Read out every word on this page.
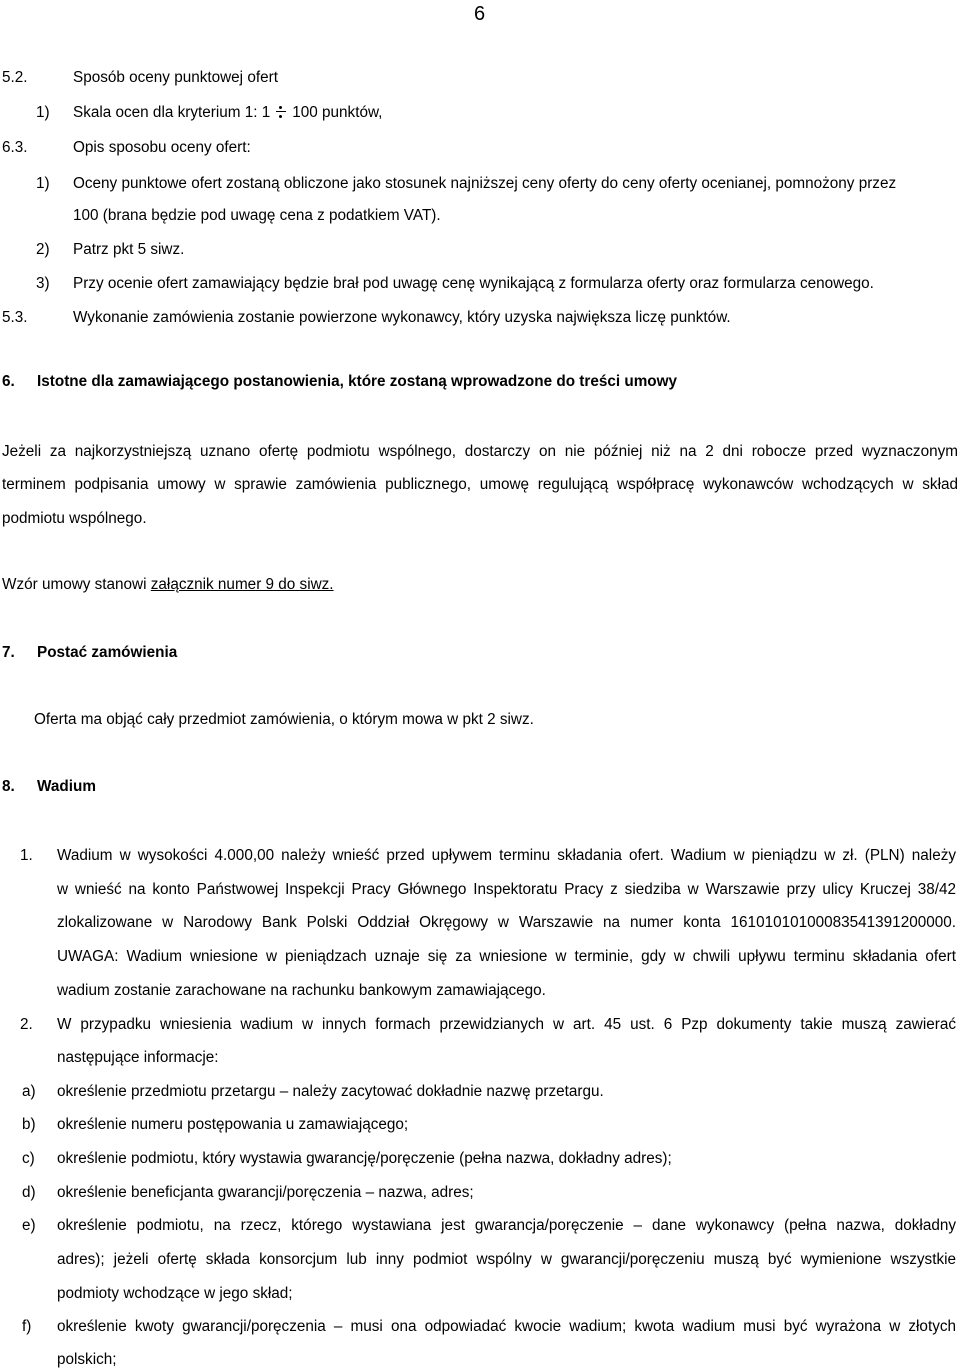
6
5.2.	Sposób oceny punktowej ofert
1) Skala ocen dla kryterium 1: 1 100 punktów,
6.3.	Opis sposobu oceny ofert:
1) Oceny punktowe ofert zostaną obliczone jako stosunek najniższej ceny oferty do ceny oferty ocenianej, pomnożony przez
100 (brana będzie pod uwagę cena z podatkiem VAT).
2) Patrz pkt 5 siwz.
3) Przy ocenie ofert zamawiający będzie brał pod uwagę cenę wynikającą z formularza oferty oraz formularza cenowego.
5.3.	Wykonanie zamówienia zostanie powierzone wykonawcy, który uzyska największa liczę punktów.
6. Istotne dla zamawiającego postanowienia, które zostaną wprowadzone do treści umowy
Jeżeli za najkorzystniejszą uznano ofertę podmiotu wspólnego, dostarczy on nie później niż na 2 dni robocze przed wyznaczonym
terminem podpisania umowy w sprawie zamówienia publicznego, umowę regulującą współpracę wykonawców wchodzących w skład
podmiotu wspólnego.
Wzór umowy stanowi załącznik numer 9 do siwz.
7. Postać zamówienia
Oferta ma objąć cały przedmiot zamówienia, o którym mowa w pkt 2 siwz.
8. Wadium
1. Wadium w wysokości 4.000,00 należy wnieść przed upływem terminu składania ofert. Wadium w pieniądzu w zł. (PLN) należy
w wnieść na konto Państwowej Inspekcji Pracy Głównego Inspektoratu Pracy z siedziba w Warszawie przy ulicy Kruczej 38/42
zlokalizowane w Narodowy Bank Polski Oddział Okręgowy w Warszawie na numer konta 16101010100083541391200000.
UWAGA: Wadium wniesione w pieniądzach uznaje się za wniesione w terminie, gdy w chwili upływu terminu składania ofert
wadium zostanie zarachowane na rachunku bankowym zamawiającego.
2. W przypadku wniesienia wadium w innych formach przewidzianych w art. 45 ust. 6 Pzp dokumenty takie muszą zawierać
następujące informacje:
a) określenie przedmiotu przetargu – należy zacytować dokładnie nazwę przetargu.
b) określenie numeru postępowania u zamawiającego;
c) określenie podmiotu, który wystawia gwarancję/poręczenie (pełna nazwa, dokładny adres);
d) określenie beneficjanta gwarancji/poręczenia – nazwa, adres;
e) określenie podmiotu, na rzecz, którego wystawiana jest gwarancja/poręczenie – dane wykonawcy (pełna nazwa, dokładny
adres); jeżeli ofertę składa konsorcjum lub inny podmiot wspólny w gwarancji/poręczeniu muszą być wymienione wszystkie
podmioty wchodzące w jego skład;
f) określenie kwoty gwarancji/poręczenia – musi ona odpowiadać kwocie wadium; kwota wadium musi być wyrażona w złotych
polskich;
